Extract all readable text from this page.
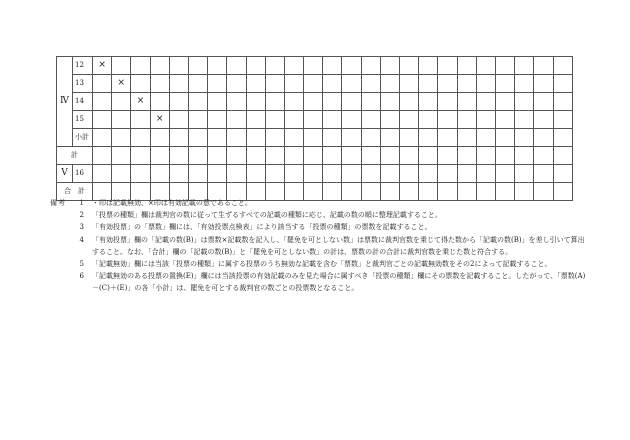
Ⅳ	12	×																								
	13		×																							
	14			×																						
	15				×																					
	小計																									
計																										
Ⅴ	16																									
合　計																										
備考	1	・印は記載無効、×印は有効記載の意であること。
2	「投票の種類」欄は裁判官の数に従って生ずるすべての記載の種類に応じ、記載の数の順に整理記載すること。
3	「有効投票」の「票数」欄には、「有効投票点検表」により該当する「投票の種類」の票数を記載すること。
4	「有効投票」欄の「記載の数(B)」は票数×記載数を記入し、「罷免を可としない数」は票数に裁判官数を乗じて得た数から「記載の数(B)」を差し引いて算出すること。なお、「合計」欄の「記載の数(B)」と「罷免を可としない数」の計は、票数の計の合計に裁判官数を乗じた数と符合する。
5	「記載無効」欄には当該「投票の種類」に属する投票のうち無効な記載を含む「票数」と裁判官ごとの記載無効数をその2によって記載すること。
6	「記載無効のある投票の置換(E)」欄には当該投票の有効記載のみを見た場合に属すべき「投票の種類」欄にその票数を記載すること。したがって、「票数(A)－(C)＋(E)」の各「小計」は、罷免を可とする裁判官の数ごとの投票数となること。
